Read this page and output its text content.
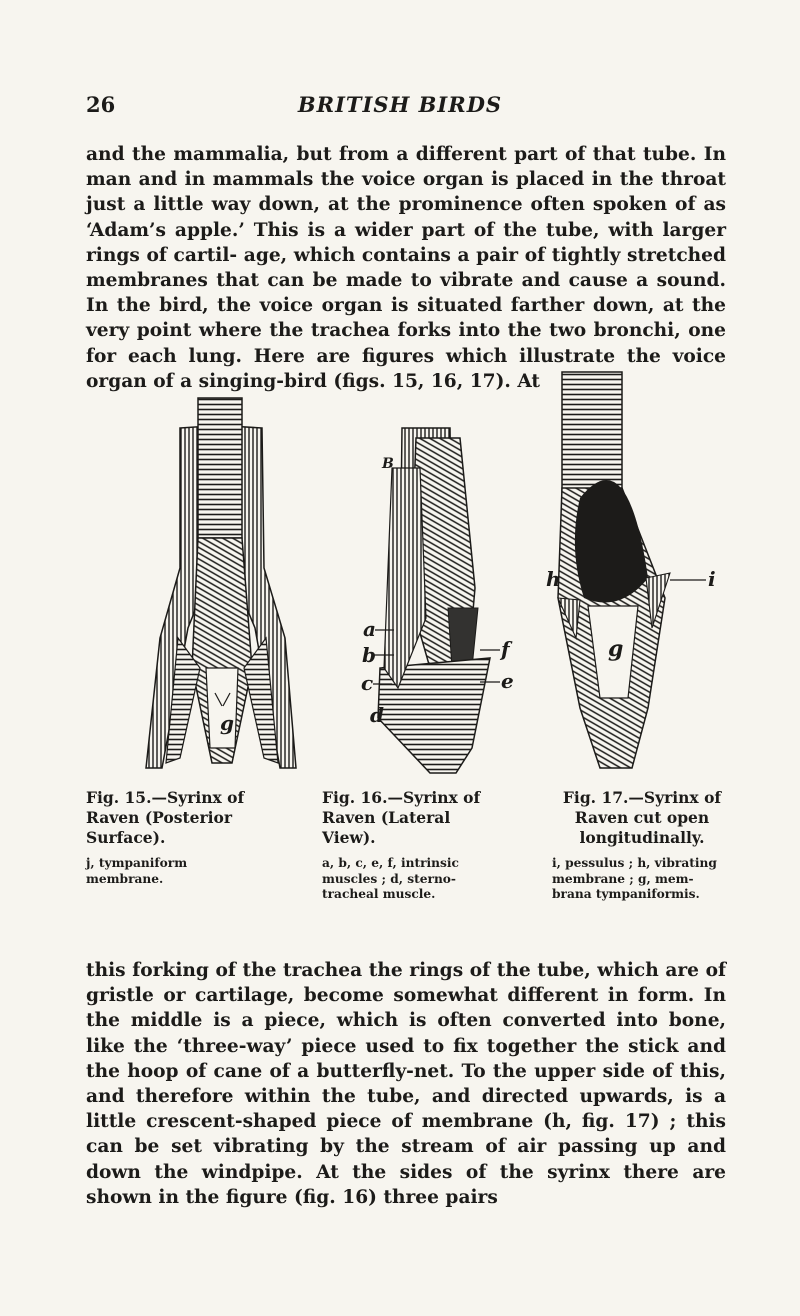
26	BRITISH BIRDS

and the mammalia, but from a different part of that tube. In man and in mammals the voice organ is placed in the throat just a little way down, at the prominence often spoken of as ‘Adam’s apple.’ This is a wider part of the tube, with larger rings of cartil- age, which contains a pair of tightly stretched membranes that can be made to vibrate and cause a sound. In the bird, the voice organ is situated farther down, at the very point where the trachea forks into the two bronchi, one for each lung. Here are figures which illustrate the voice organ of a singing-bird (figs. 15, 16, 17). At

g
B
a
b
c
f
e
d
h	i
g

Fig. 15.—Syrinx of Raven (Posterior Surface).

j, tympaniform membrane.

Fig. 16.—Syrinx of Raven (Lateral View).

a, b, c, e, f, intrinsic muscles ; d, sterno- tracheal muscle.

Fig. 17.—Syrinx of Raven cut open longitudinally.

i, pessulus ; h, vibrating membrane ; g, mem- brana tympaniformis.

this forking of the trachea the rings of the tube, which are of gristle or cartilage, become somewhat different in form. In the middle is a piece, which is often converted into bone, like the ‘three-way’ piece used to fix together the stick and the hoop of cane of a butterfly-net. To the upper side of this, and therefore within the tube, and directed upwards, is a little crescent-shaped piece of membrane (h, fig. 17) ; this can be set vibrating by the stream of air passing up and down the windpipe. At the sides of the syrinx there are shown in the figure (fig. 16) three pairs
